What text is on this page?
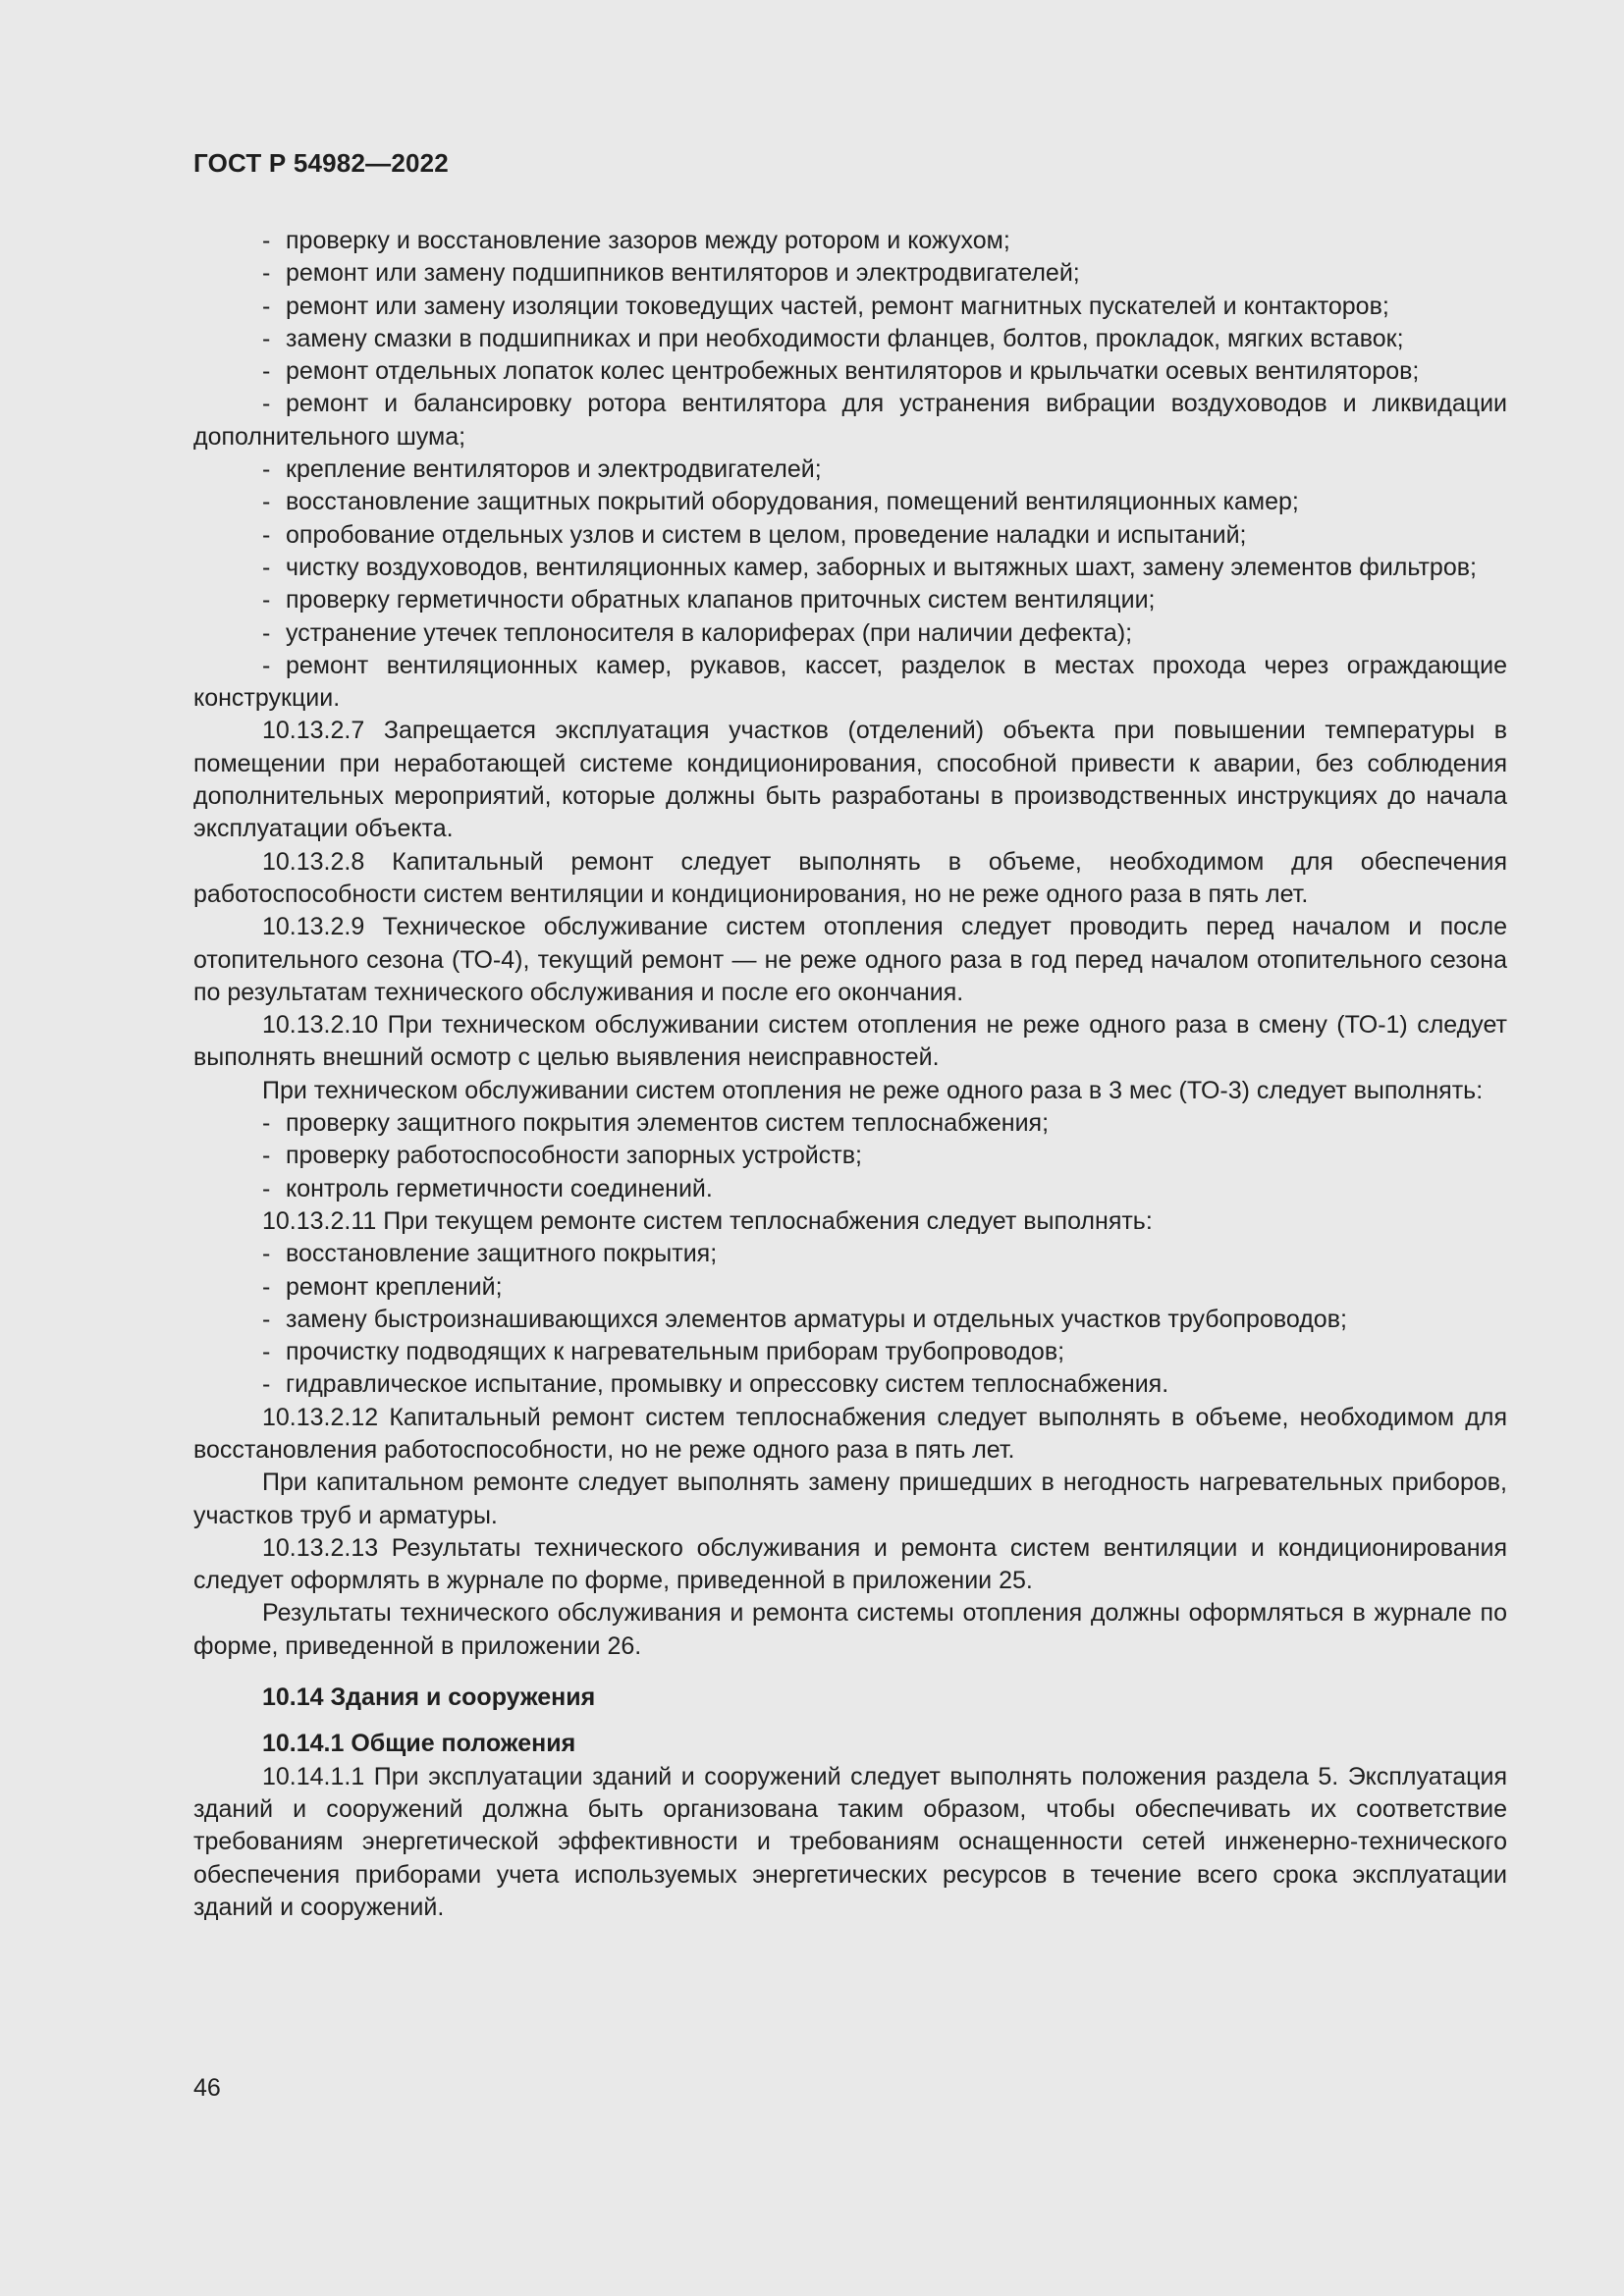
ГОСТ Р 54982—2022

- проверку и восстановление зазоров между ротором и кожухом;

- ремонт или замену подшипников вентиляторов и электродвигателей;

- ремонт или замену изоляции токоведущих частей, ремонт магнитных пускателей и контакторов;

- замену смазки в подшипниках и при необходимости фланцев, болтов, прокладок, мягких вставок;

- ремонт отдельных лопаток колес центробежных вентиляторов и крыльчатки осевых вентиляторов;

- ремонт и балансировку ротора вентилятора для устранения вибрации воздуховодов и ликвидации дополнительного шума;

- крепление вентиляторов и электродвигателей;

- восстановление защитных покрытий оборудования, помещений вентиляционных камер;

- опробование отдельных узлов и систем в целом, проведение наладки и испытаний;

- чистку воздуховодов, вентиляционных камер, заборных и вытяжных шахт, замену элементов фильтров;

- проверку герметичности обратных клапанов приточных систем вентиляции;

- устранение утечек теплоносителя в калориферах (при наличии дефекта);

- ремонт вентиляционных камер, рукавов, кассет, разделок в местах прохода через ограждающие конструкции.

10.13.2.7 Запрещается эксплуатация участков (отделений) объекта при повышении температуры в помещении при неработающей системе кондиционирования, способной привести к аварии, без соблюдения дополнительных мероприятий, которые должны быть разработаны в производственных инструкциях до начала эксплуатации объекта.

10.13.2.8 Капитальный ремонт следует выполнять в объеме, необходимом для обеспечения работоспособности систем вентиляции и кондиционирования, но не реже одного раза в пять лет.

10.13.2.9 Техническое обслуживание систем отопления следует проводить перед началом и после отопительного сезона (ТО-4), текущий ремонт — не реже одного раза в год перед началом отопительного сезона по результатам технического обслуживания и после его окончания.

10.13.2.10 При техническом обслуживании систем отопления не реже одного раза в смену (ТО-1) следует выполнять внешний осмотр с целью выявления неисправностей.

При техническом обслуживании систем отопления не реже одного раза в 3 мес (ТО-3) следует выполнять:

- проверку защитного покрытия элементов систем теплоснабжения;

- проверку работоспособности запорных устройств;

- контроль герметичности соединений.

10.13.2.11 При текущем ремонте систем теплоснабжения следует выполнять:

- восстановление защитного покрытия;

- ремонт креплений;

- замену быстроизнашивающихся элементов арматуры и отдельных участков трубопроводов;

- прочистку подводящих к нагревательным приборам трубопроводов;

- гидравлическое испытание, промывку и опрессовку систем теплоснабжения.

10.13.2.12 Капитальный ремонт систем теплоснабжения следует выполнять в объеме, необходимом для восстановления работоспособности, но не реже одного раза в пять лет.

При капитальном ремонте следует выполнять замену пришедших в негодность нагревательных приборов, участков труб и арматуры.

10.13.2.13 Результаты технического обслуживания и ремонта систем вентиляции и кондиционирования следует оформлять в журнале по форме, приведенной в приложении 25.

Результаты технического обслуживания и ремонта системы отопления должны оформляться в журнале по форме, приведенной в приложении 26.

10.14 Здания и сооружения

10.14.1 Общие положения

10.14.1.1 При эксплуатации зданий и сооружений следует выполнять положения раздела 5. Эксплуатация зданий и сооружений должна быть организована таким образом, чтобы обеспечивать их соответствие требованиям энергетической эффективности и требованиям оснащенности сетей инженерно-технического обеспечения приборами учета используемых энергетических ресурсов в течение всего срока эксплуатации зданий и сооружений.

46
